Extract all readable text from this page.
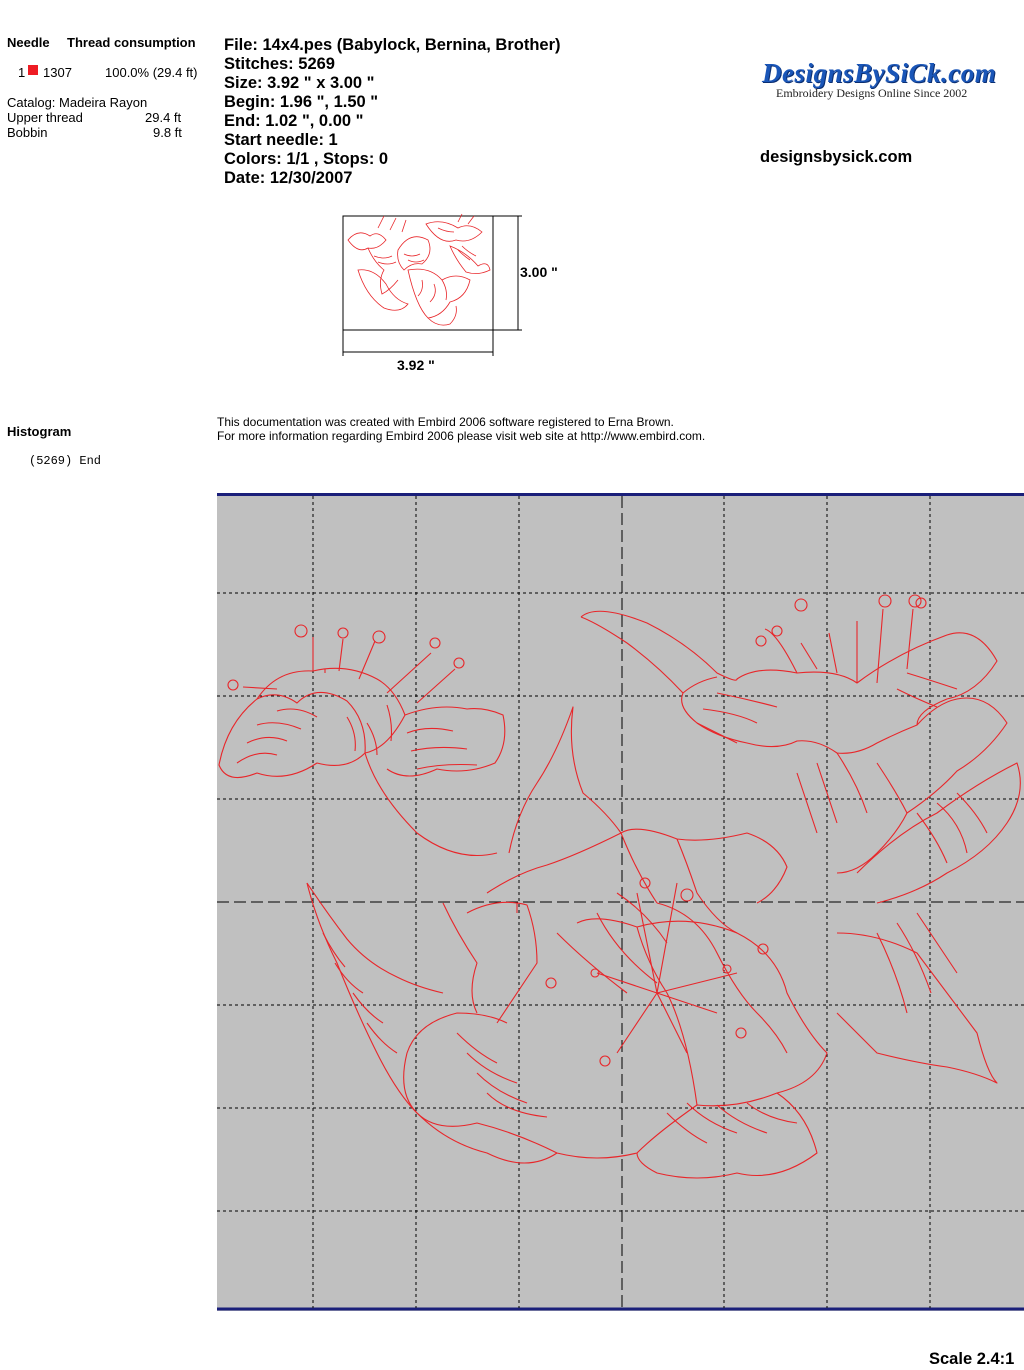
Needle Thread consumption
1 1307	100.0% (29.4 ft)
Catalog: Madeira Rayon
Upper thread	29.4 ft
Bobbin	9.8 ft
File: 14x4.pes (Babylock, Bernina, Brother)
Stitches: 5269
Size: 3.92 " x 3.00 "
Begin: 1.96 ", 1.50 "
End: 1.02 ", 0.00 "
Start needle: 1
Colors: 1/1 , Stops: 0
Date: 12/30/2007
DesignsBySiCk.com
Embroidery Designs Online Since 2002
designsbysick.com
3.00 "
3.92 "
Histogram
(5269) End
This documentation was created with Embird 2006 software registered to Erna Brown.
For more information regarding Embird 2006 please visit web site at http://www.embird.com.
Scale 2.4:1
